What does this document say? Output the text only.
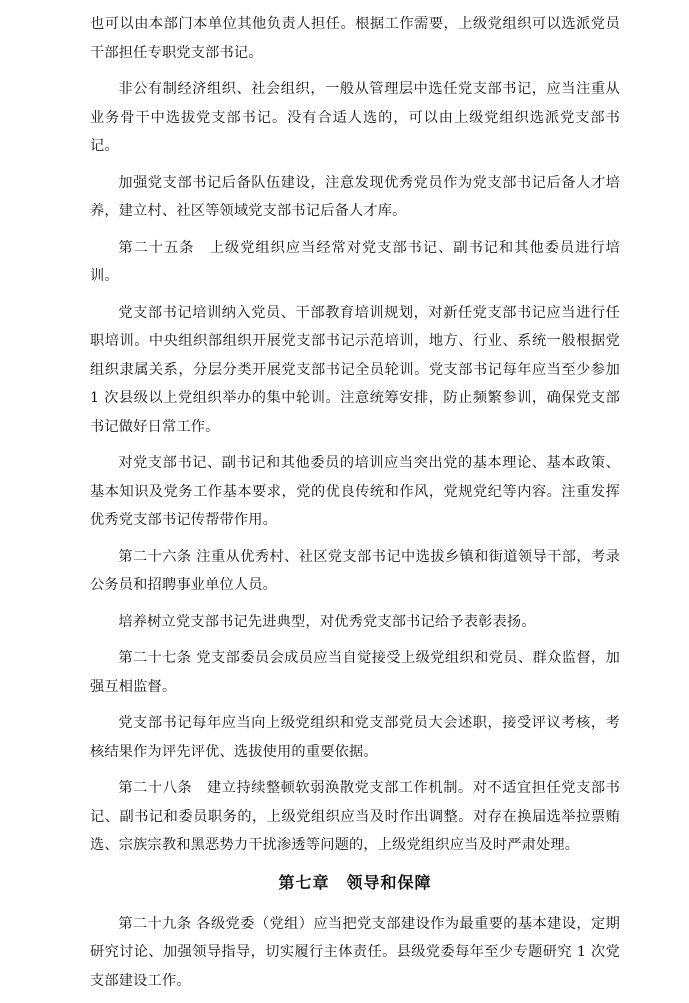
也可以由本部门本单位其他负责人担任。根据工作需要，上级党组织可以选派党员干部担任专职党支部书记。

非公有制经济组织、社会组织，一般从管理层中选任党支部书记，应当注重从业务骨干中选拔党支部书记。没有合适人选的，可以由上级党组织选派党支部书记。

加强党支部书记后备队伍建设，注意发现优秀党员作为党支部书记后备人才培养，建立村、社区等领域党支部书记后备人才库。

第二十五条　上级党组织应当经常对党支部书记、副书记和其他委员进行培训。

党支部书记培训纳入党员、干部教育培训规划，对新任党支部书记应当进行任职培训。中央组织部组织开展党支部书记示范培训，地方、行业、系统一般根据党组织隶属关系，分层分类开展党支部书记全员轮训。党支部书记每年应当至少参加 1 次县级以上党组织举办的集中轮训。注意统筹安排，防止频繁参训，确保党支部书记做好日常工作。

对党支部书记、副书记和其他委员的培训应当突出党的基本理论、基本政策、基本知识及党务工作基本要求，党的优良传统和作风，党规党纪等内容。注重发挥优秀党支部书记传帮带作用。

第二十六条 注重从优秀村、社区党支部书记中选拔乡镇和街道领导干部，考录公务员和招聘事业单位人员。

培养树立党支部书记先进典型，对优秀党支部书记给予表彰表扬。

第二十七条 党支部委员会成员应当自觉接受上级党组织和党员、群众监督，加强互相监督。

党支部书记每年应当向上级党组织和党支部党员大会述职，接受评议考核，考核结果作为评先评优、选拔使用的重要依据。

第二十八条　建立持续整顿软弱涣散党支部工作机制。对不适宜担任党支部书记、副书记和委员职务的，上级党组织应当及时作出调整。对存在换届选举拉票贿选、宗族宗教和黑恶势力干扰渗透等问题的，上级党组织应当及时严肃处理。

第七章　领导和保障

第二十九条 各级党委（党组）应当把党支部建设作为最重要的基本建设，定期研究讨论、加强领导指导，切实履行主体责任。县级党委每年至少专题研究 1 次党支部建设工作。
